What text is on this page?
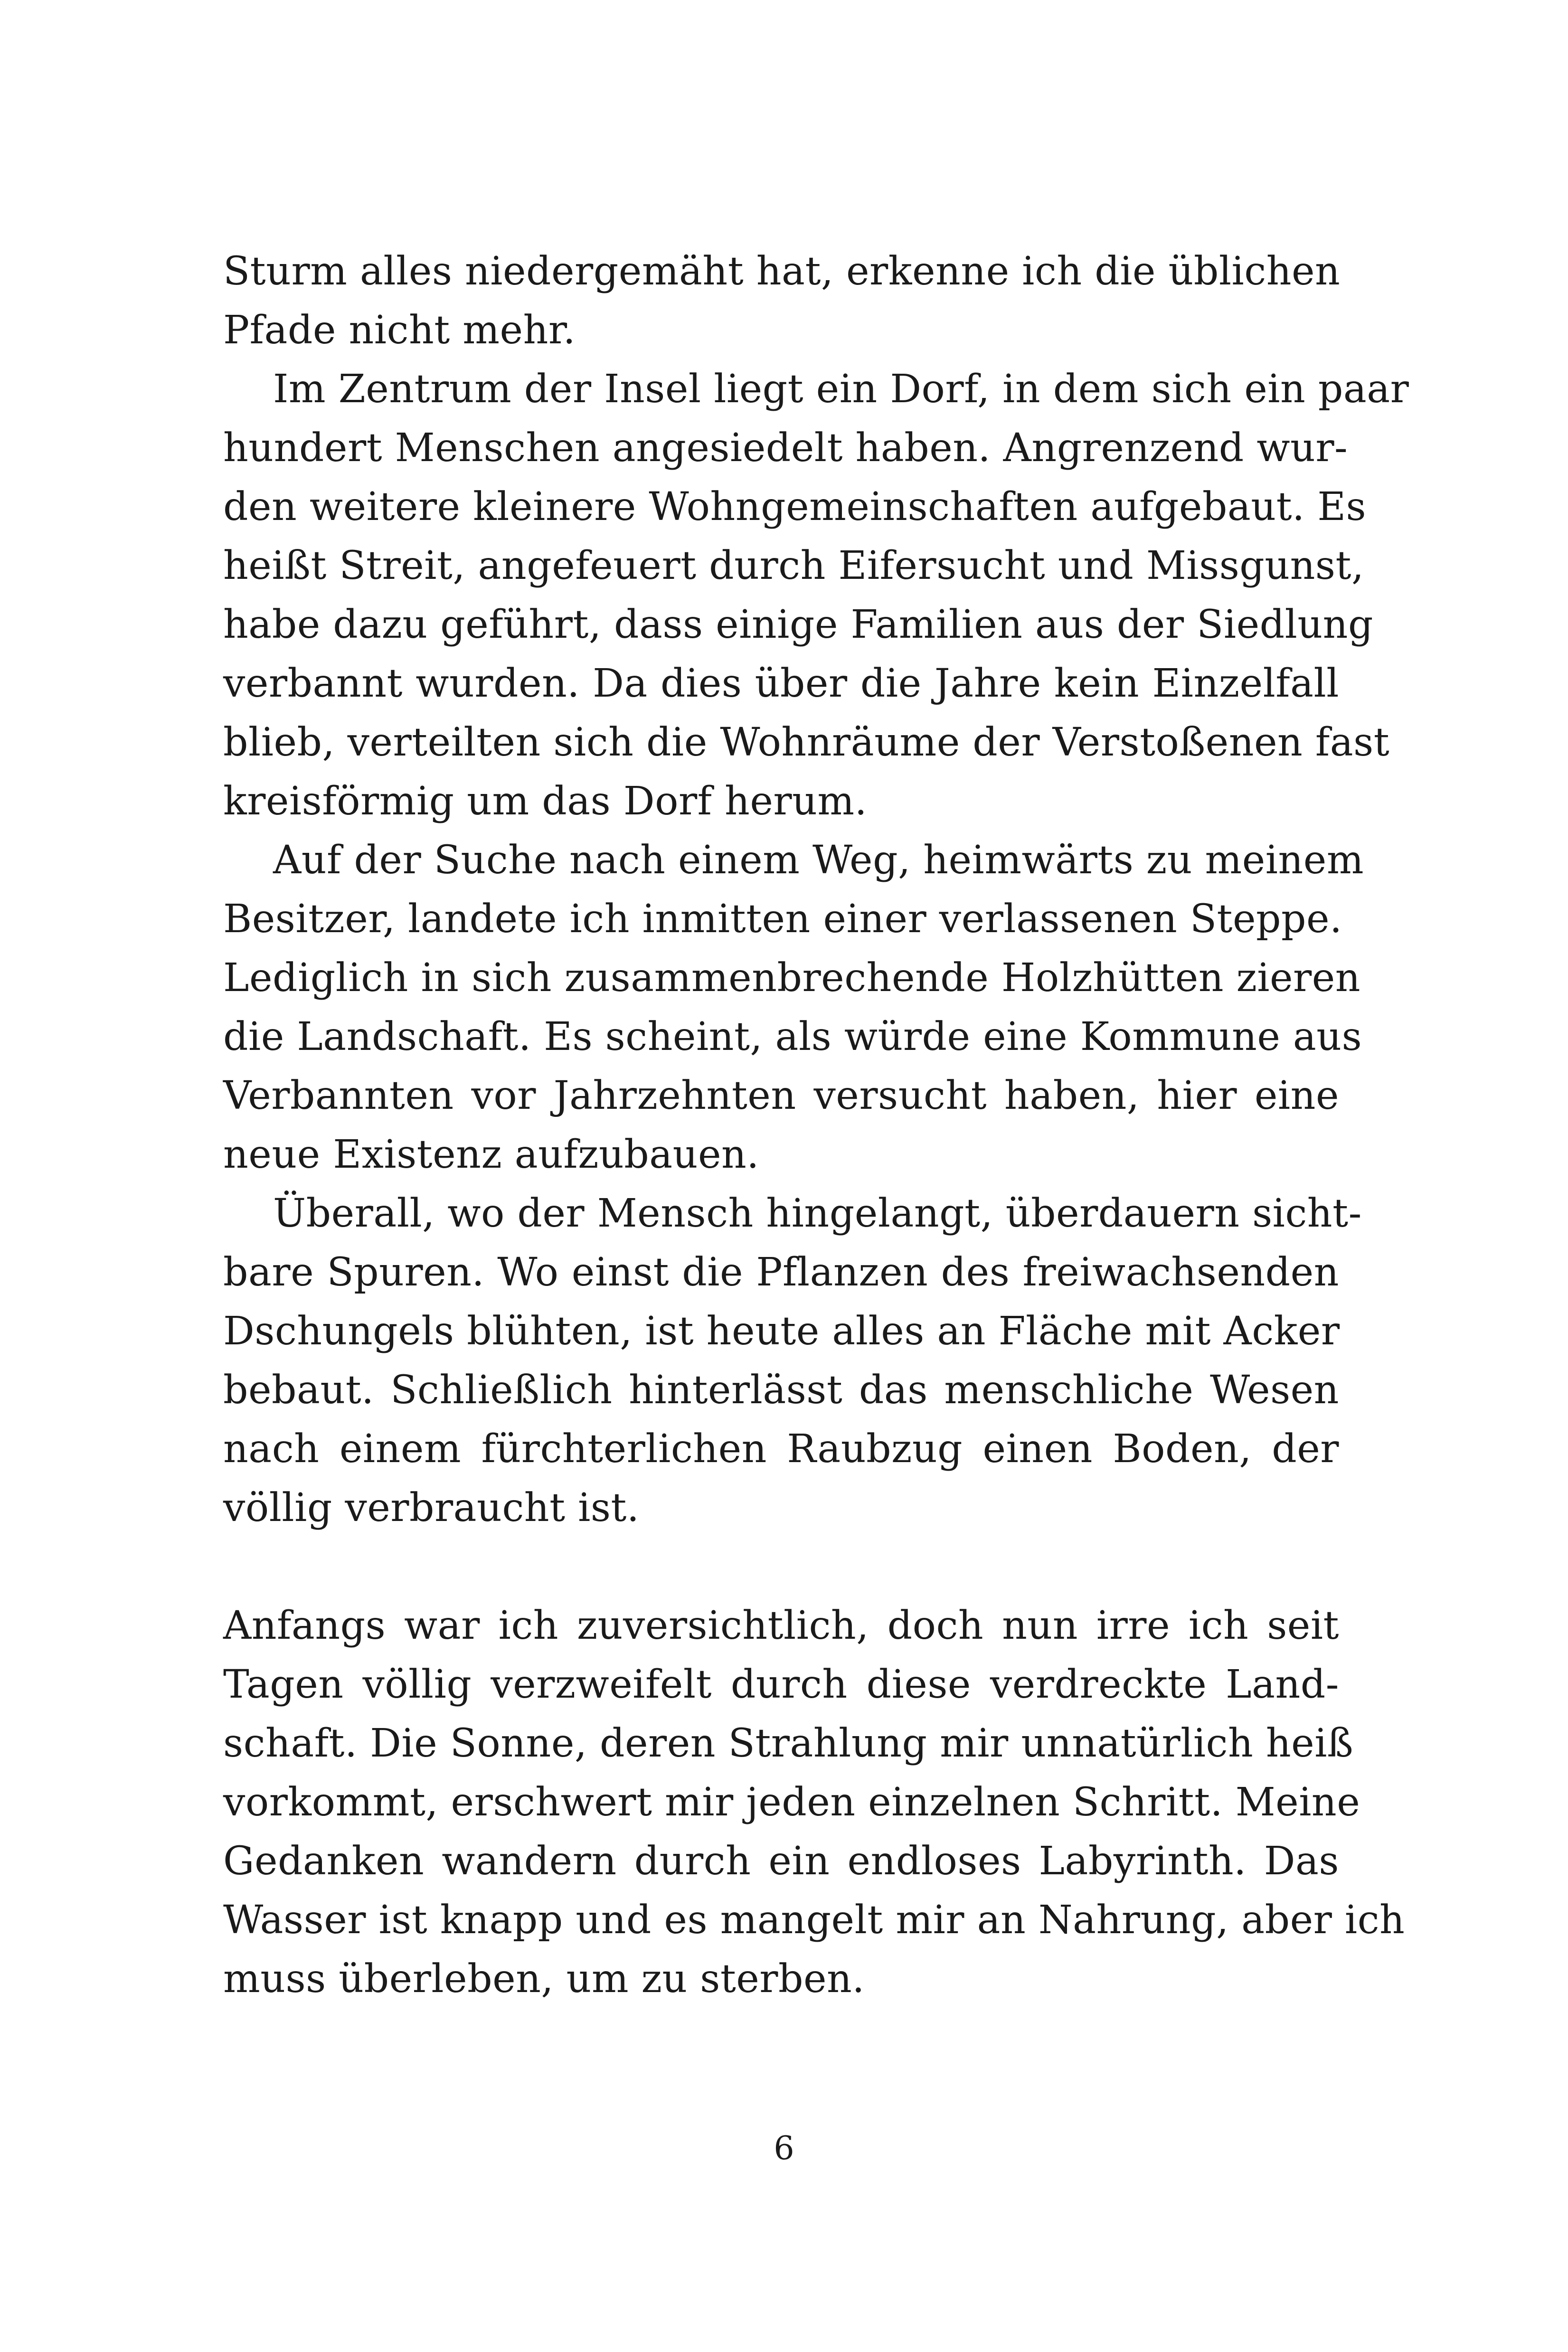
Sturm alles niedergemäht hat, erkenne ich die üblichen
Pfade nicht mehr.
Im Zentrum der Insel liegt ein Dorf, in dem sich ein paar
hundert Menschen angesiedelt haben. Angrenzend wur-
den weitere kleinere Wohngemeinschaften aufgebaut. Es
heißt Streit, angefeuert durch Eifersucht und Missgunst,
habe dazu geführt, dass einige Familien aus der Siedlung
verbannt wurden. Da dies über die Jahre kein Einzelfall
blieb, verteilten sich die Wohnräume der Verstoßenen fast
kreisförmig um das Dorf herum.
Auf der Suche nach einem Weg, heimwärts zu meinem
Besitzer, landete ich inmitten einer verlassenen Steppe.
Lediglich in sich zusammenbrechende Holzhütten zieren
die Landschaft. Es scheint, als würde eine Kommune aus
Verbannten vor Jahrzehnten versucht haben, hier eine
neue Existenz aufzubauen.
Überall, wo der Mensch hingelangt, überdauern sicht-
bare Spuren. Wo einst die Pflanzen des freiwachsenden
Dschungels blühten, ist heute alles an Fläche mit Acker
bebaut. Schließlich hinterlässt das menschliche Wesen
nach einem fürchterlichen Raubzug einen Boden, der
völlig verbraucht ist.
Anfangs war ich zuversichtlich, doch nun irre ich seit
Tagen völlig verzweifelt durch diese verdreckte Land-
schaft. Die Sonne, deren Strahlung mir unnatürlich heiß
vorkommt, erschwert mir jeden einzelnen Schritt. Meine
Gedanken wandern durch ein endloses Labyrinth. Das
Wasser ist knapp und es mangelt mir an Nahrung, aber ich
muss überleben, um zu sterben.
6
